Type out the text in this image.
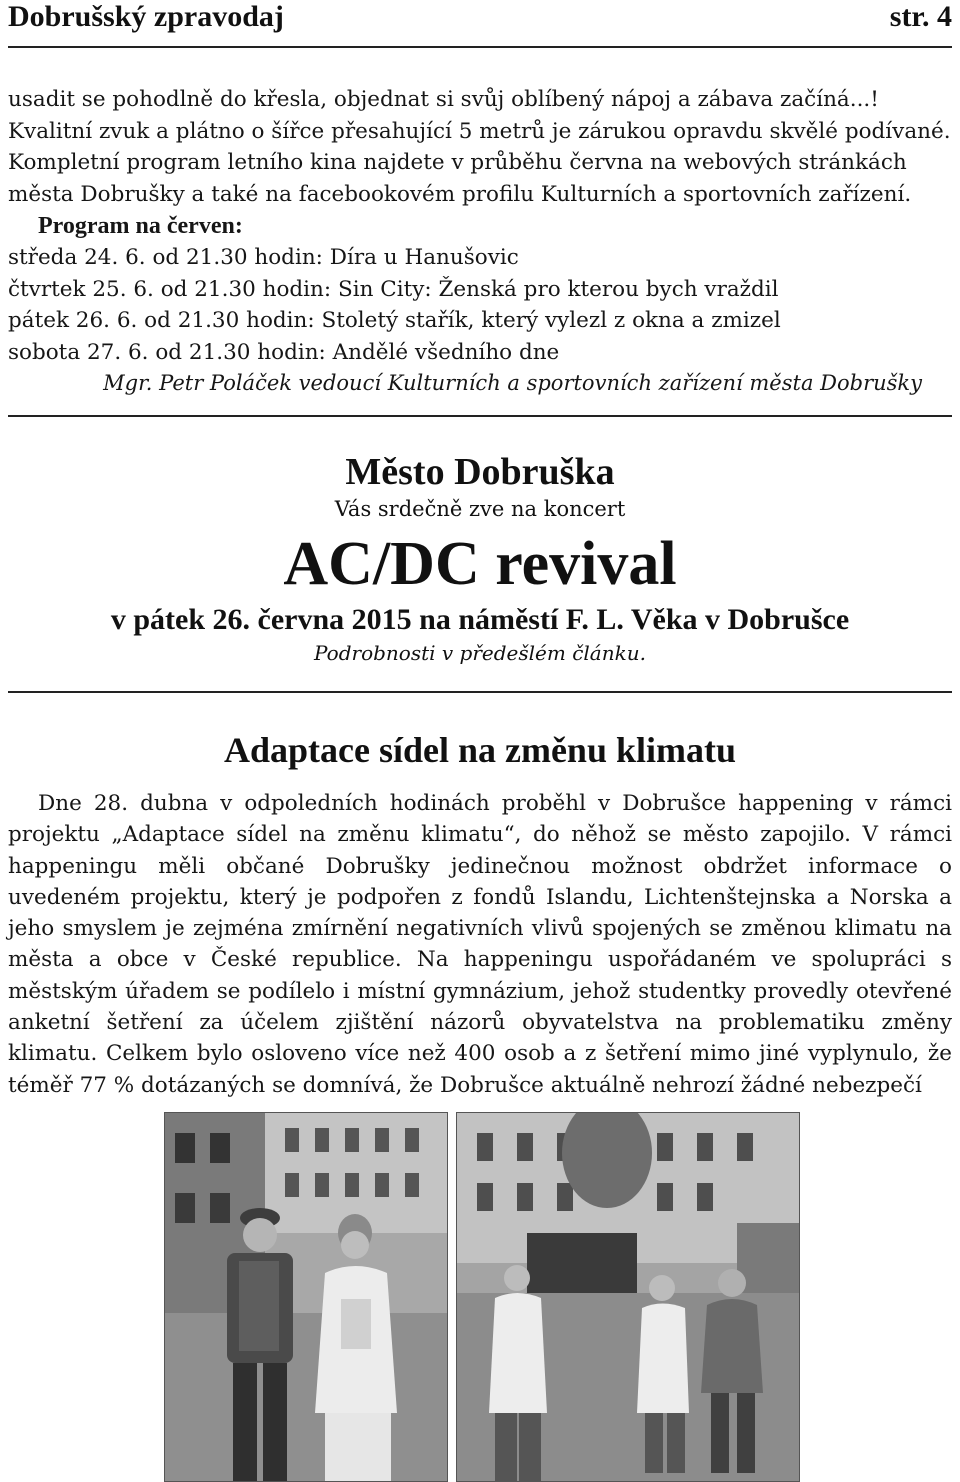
Dobrušský zpravodaj	str. 4

usadit se pohodlně do křesla, objednat si svůj oblíbený nápoj a zábava začíná...! Kvalitní zvuk a plátno o šířce přesahující 5 metrů je zárukou opravdu skvělé podívané. Kompletní program letního kina najdete v průběhu června na webových stránkách města Dobrušky a také na facebookovém profilu Kulturních a sportovních zařízení.

Program na červen:

středa 24. 6. od 21.30 hodin: Díra u Hanušovic
čtvrtek 25. 6. od 21.30 hodin: Sin City: Ženská pro kterou bych vraždil
pátek 26. 6. od 21.30 hodin: Stoletý stařík, který vylezl z okna a zmizel
sobota 27. 6. od 21.30 hodin: Andělé všedního dne
Mgr. Petr Poláček vedoucí Kulturních a sportovních zařízení města Dobrušky
Město Dobruška
Vás srdečně zve na koncert
AC/DC revival
v pátek 26. června 2015 na náměstí F. L. Věka v Dobrušce
Podrobnosti v předešlém článku.
Adaptace sídel na změnu klimatu

Dne 28. dubna v odpoledních hodinách proběhl v Dobrušce happening v rámci projektu „Adaptace sídel na změnu klimatu“, do něhož se město zapojilo. V rámci happeningu měli občané Dobrušky jedinečnou možnost obdržet informace o uvedeném projektu, který je podpořen z fondů Islandu, Lichtenštejnska a Norska a jeho smyslem je zejména zmírnění negativních vlivů spojených se změnou klimatu na města a obce v České republice. Na happeningu uspořádaném ve spolupráci s městským úřadem se podílelo i místní gymnázium, jehož studentky provedly otevřené anketní šetření za účelem zjištění názorů obyvatelstva na problematiku změny klimatu. Celkem bylo osloveno více než 400 osob a z šetření mimo jiné vyplynulo, že téměř 77 % dotázaných se domnívá, že Dobrušce aktuálně nehrozí žádné nebezpečí
